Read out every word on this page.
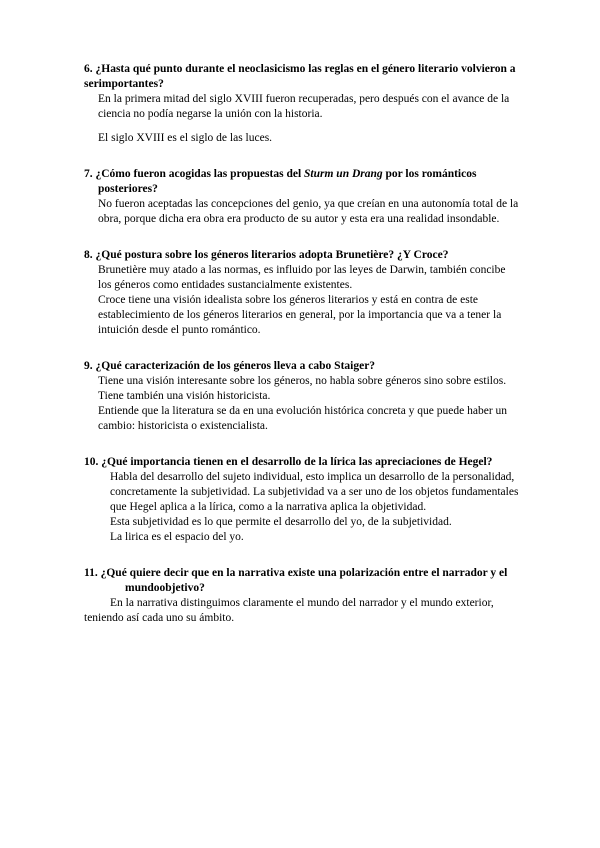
6. ¿Hasta qué punto durante el neoclasicismo las reglas en el género literario volvieron a serimportantes?

En la primera mitad del siglo XVIII fueron recuperadas, pero después con el avance de la ciencia no podía negarse la unión con la historia.

El siglo XVIII es el siglo de las luces.

7. ¿Cómo fueron acogidas las propuestas del Sturm un Drang por los románticos posteriores?

No fueron aceptadas las concepciones del genio, ya que creían en una autonomía total de la obra, porque dicha era obra era producto de su autor y esta era una realidad insondable.

8. ¿Qué postura sobre los géneros literarios adopta Brunetière? ¿Y Croce?

Brunetière muy atado a las normas, es influido por las leyes de Darwin, también concibe los géneros como entidades sustancialmente existentes.

Croce tiene una visión idealista sobre los géneros literarios y está en contra de este establecimiento de los géneros literarios en general, por la importancia que va a tener la intuición desde el punto romántico.

9. ¿Qué caracterización de los géneros lleva a cabo Staiger?

Tiene una visión interesante sobre los géneros, no habla sobre géneros sino sobre estilos.

Tiene también una visión historicista.

Entiende que la literatura se da en una evolución histórica concreta y que puede haber un cambio: historicista o existencialista.

10. ¿Qué importancia tienen en el desarrollo de la lírica las apreciaciones de Hegel?

Habla del desarrollo del sujeto individual, esto implica un desarrollo de la personalidad, concretamente la subjetividad. La subjetividad va a ser uno de los objetos fundamentales que Hegel aplica a la lírica, como a la narrativa aplica la objetividad.

Esta subjetividad es lo que permite el desarrollo del yo, de la subjetividad.

La lirica es el espacio del yo.

11. ¿Qué quiere decir que en la narrativa existe una polarización entre el narrador y el mundoobjetivo?

En la narrativa distinguimos claramente el mundo del narrador y el mundo exterior, teniendo así cada uno su ámbito.
